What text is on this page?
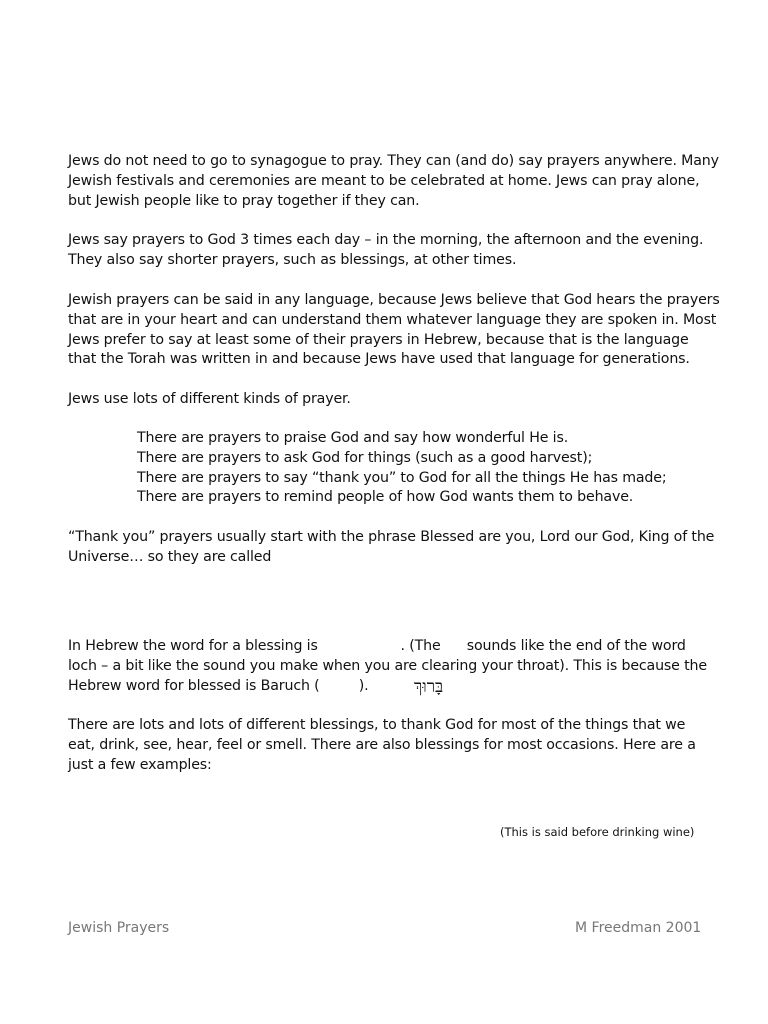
Jews do not need to go to synagogue to pray. They can (and do) say prayers anywhere. Many
Jewish festivals and ceremonies are meant to be celebrated at home. Jews can pray alone,
but Jewish people like to pray together if they can.
Jews say prayers to God 3 times each day – in the morning, the afternoon and the evening.
They also say shorter prayers, such as blessings, at other times.
Jewish prayers can be said in any language, because Jews believe that God hears the prayers
that are in your heart and can understand them whatever language they are spoken in. Most
Jews prefer to say at least some of their prayers in Hebrew, because that is the language
that the Torah was written in and because Jews have used that language for generations.
Jews use lots of different kinds of prayer.
There are prayers to praise God and say how wonderful He is.
There are prayers to ask God for things (such as a good harvest);
There are prayers to say “thank you” to God for all the things He has made;
There are prayers to remind people of how God wants them to behave.
“Thank you” prayers usually start with the phrase Blessed are you, Lord our God, King of the
Universe… so they are called
In Hebrew the word for a blessing is                   . (The      sounds like the end of the word
loch – a bit like the sound you make when you are clearing your throat). This is because the
Hebrew word for blessed is Baruch (         ).	בָּרוּךְ
There are lots and lots of different blessings, to thank God for most of the things that we
eat, drink, see, hear, feel or smell. There are also blessings for most occasions. Here are a
just a few examples:
(This is said before drinking wine)
Jewish Prayers	M Freedman 2001
